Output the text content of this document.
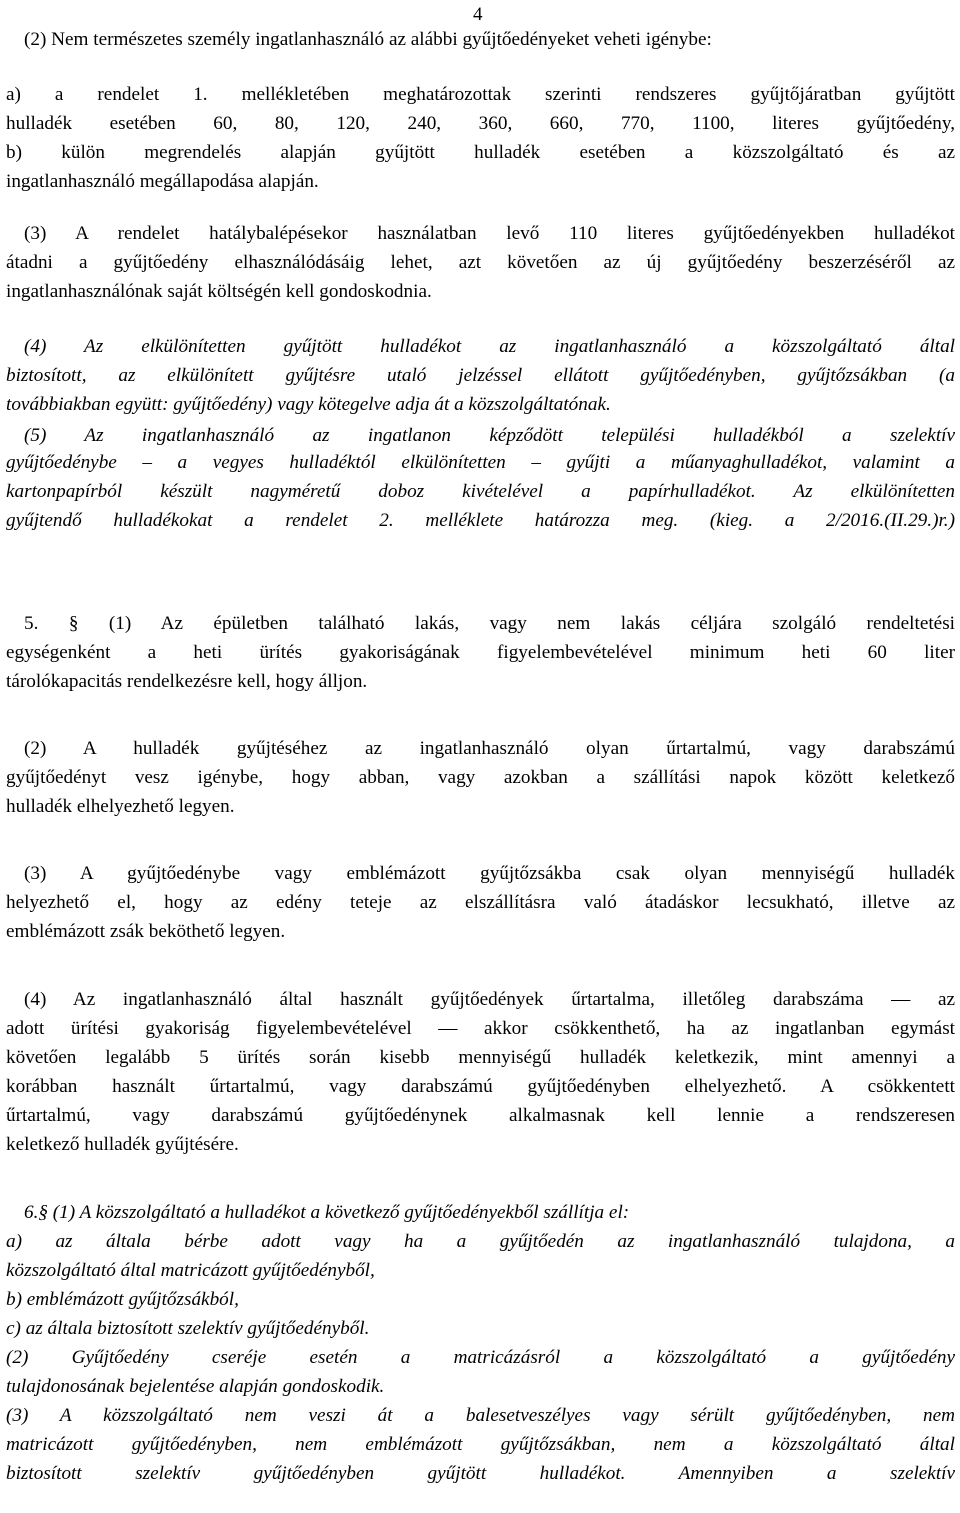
4
(2) Nem természetes személy ingatlanhasználó az alábbi gyűjtőedényeket veheti igénybe:
a) a rendelet 1. mellékletében meghatározottak szerinti rendszeres gyűjtőjáratban gyűjtött
hulladék esetében 60, 80, 120, 240, 360, 660, 770, 1100, literes gyűjtőedény,
b) külön megrendelés alapján gyűjtött hulladék esetében a közszolgáltató és az
ingatlanhasználó megállapodása alapján.
(3) A rendelet hatálybalépésekor használatban levő 110 literes gyűjtőedényekben hulladékot
átadni a gyűjtőedény elhasználódásáig lehet, azt követően az új gyűjtőedény beszerzéséről az
ingatlanhasználónak saját költségén kell gondoskodnia.
(4) Az elkülönítetten gyűjtött hulladékot az ingatlanhasználó a közszolgáltató által
biztosított, az elkülönített gyűjtésre utaló jelzéssel ellátott gyűjtőedényben, gyűjtőzsákban (a
továbbiakban együtt: gyűjtőedény) vagy kötegelve adja át a közszolgáltatónak.
(5) Az ingatlanhasználó az ingatlanon képződött települési hulladékból a szelektív
gyűjtőedénybe – a vegyes hulladéktól elkülönítetten – gyűjti a műanyaghulladékot, valamint a
kartonpapírból készült nagyméretű doboz kivételével a papírhulladékot. Az elkülönítetten
gyűjtendő hulladékokat a rendelet 2. melléklete határozza meg. (kieg. a 2/2016.(II.29.)r.)
5. § (1) Az épületben található lakás, vagy nem lakás céljára szolgáló rendeltetési
egységenként a heti ürítés gyakoriságának figyelembevételével minimum heti 60 liter
tárolókapacitás rendelkezésre kell, hogy álljon.
(2) A hulladék gyűjtéséhez az ingatlanhasználó olyan űrtartalmú, vagy darabszámú
gyűjtőedényt vesz igénybe, hogy abban, vagy azokban a szállítási napok között keletkező
hulladék elhelyezhető legyen.
(3) A gyűjtőedénybe vagy emblémázott gyűjtőzsákba csak olyan mennyiségű hulladék
helyezhető el, hogy az edény teteje az elszállításra való átadáskor lecsukható, illetve az
emblémázott zsák beköthető legyen.
(4) Az ingatlanhasználó által használt gyűjtőedények űrtartalma, illetőleg darabszáma — az
adott ürítési gyakoriság figyelembevételével — akkor csökkenthető, ha az ingatlanban egymást
követően legalább 5 ürítés során kisebb mennyiségű hulladék keletkezik, mint amennyi a
korábban használt űrtartalmú, vagy darabszámú gyűjtőedényben elhelyezhető. A csökkentett
űrtartalmú, vagy darabszámú gyűjtőedénynek alkalmasnak kell lennie a rendszeresen
keletkező hulladék gyűjtésére.
6.§ (1) A közszolgáltató a hulladékot a következő gyűjtőedényekből szállítja el:
a) az általa bérbe adott vagy ha a gyűjtőedén az ingatlanhasználó tulajdona, a
közszolgáltató által matricázott gyűjtőedényből,
b) emblémázott gyűjtőzsákból,
c) az általa biztosított szelektív gyűjtőedényből.
(2) Gyűjtőedény cseréje esetén a matricázásról a közszolgáltató a gyűjtőedény
tulajdonosának bejelentése alapján gondoskodik.
(3) A közszolgáltató nem veszi át a balesetveszélyes vagy sérült gyűjtőedényben, nem
matricázott gyűjtőedényben, nem emblémázott gyűjtőzsákban, nem a közszolgáltató által
biztosított szelektív gyűjtőedényben gyűjtött hulladékot. Amennyiben a szelektív
